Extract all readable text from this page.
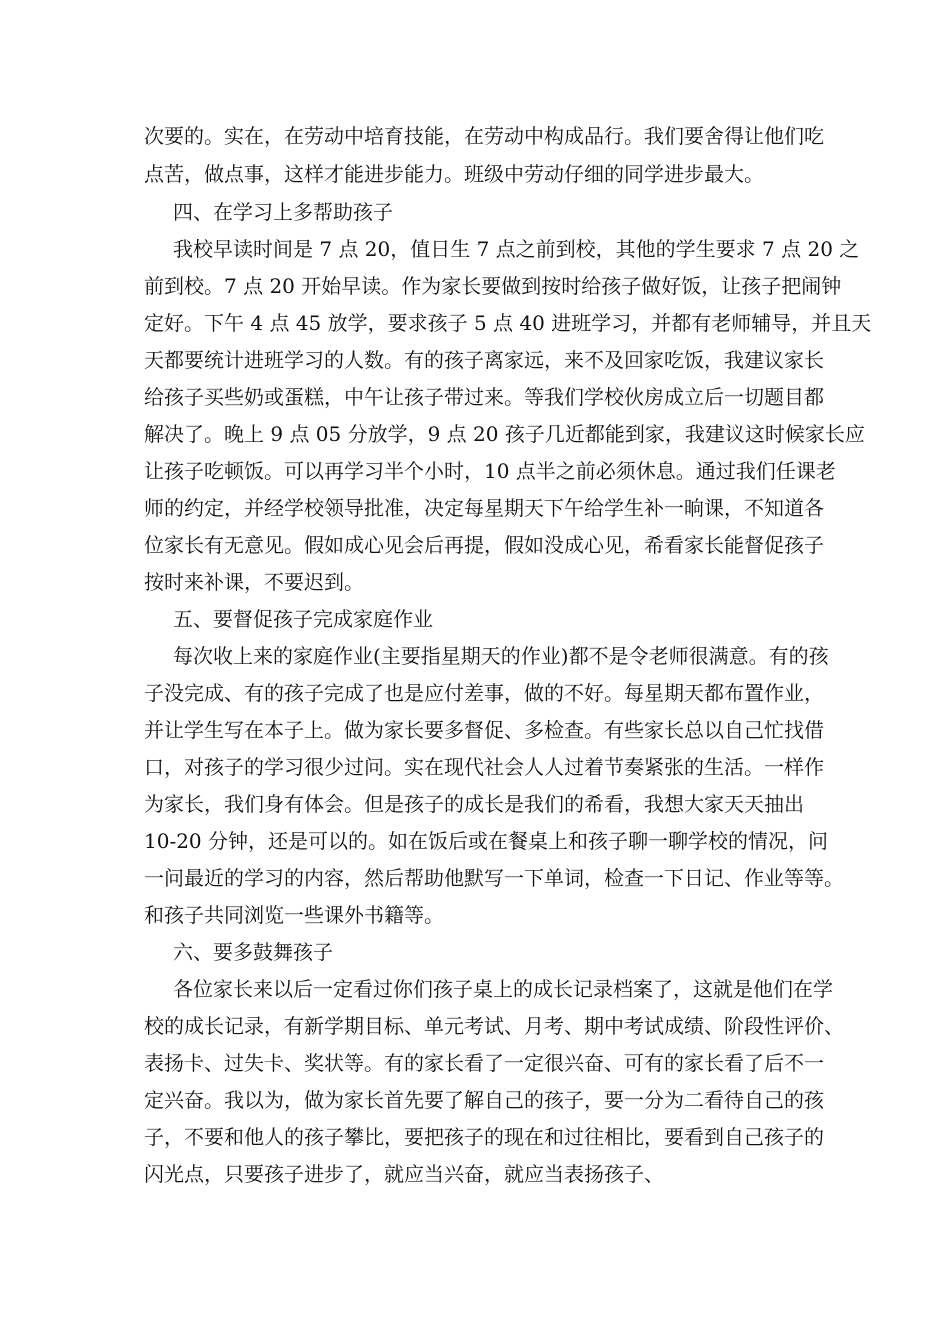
次要的。实在，在劳动中培育技能，在劳动中构成品行。我们要舍得让他们吃
点苦，做点事，这样才能进步能力。班级中劳动仔细的同学进步最大。
四、在学习上多帮助孩子
我校早读时间是 7 点 20，值日生 7 点之前到校，其他的学生要求 7 点 20 之
前到校。7 点 20 开始早读。作为家长要做到按时给孩子做好饭，让孩子把闹钟
定好。下午 4 点 45 放学，要求孩子 5 点 40 进班学习，并都有老师辅导，并且天
天都要统计进班学习的人数。有的孩子离家远，来不及回家吃饭，我建议家长
给孩子买些奶或蛋糕，中午让孩子带过来。等我们学校伙房成立后一切题目都
解决了。晚上 9 点 05 分放学，9 点 20 孩子几近都能到家，我建议这时候家长应
让孩子吃顿饭。可以再学习半个小时，10 点半之前必须休息。通过我们任课老
师的约定，并经学校领导批准，决定每星期天下午给学生补一晌课，不知道各
位家长有无意见。假如成心见会后再提，假如没成心见，希看家长能督促孩子
按时来补课，不要迟到。
五、要督促孩子完成家庭作业
每次收上来的家庭作业(主要指星期天的作业)都不是令老师很满意。有的孩
子没完成、有的孩子完成了也是应付差事，做的不好。每星期天都布置作业，
并让学生写在本子上。做为家长要多督促、多检查。有些家长总以自己忙找借
口，对孩子的学习很少过问。实在现代社会人人过着节奏紧张的生活。一样作
为家长，我们身有体会。但是孩子的成长是我们的希看，我想大家天天抽出
10-20 分钟，还是可以的。如在饭后或在餐桌上和孩子聊一聊学校的情况，问
一问最近的学习的内容，然后帮助他默写一下单词，检查一下日记、作业等等。
和孩子共同浏览一些课外书籍等。
六、要多鼓舞孩子
各位家长来以后一定看过你们孩子桌上的成长记录档案了，这就是他们在学
校的成长记录，有新学期目标、单元考试、月考、期中考试成绩、阶段性评价、
表扬卡、过失卡、奖状等。有的家长看了一定很兴奋、可有的家长看了后不一
定兴奋。我以为，做为家长首先要了解自己的孩子，要一分为二看待自己的孩
子，不要和他人的孩子攀比，要把孩子的现在和过往相比，要看到自己孩子的
闪光点，只要孩子进步了，就应当兴奋，就应当表扬孩子、
